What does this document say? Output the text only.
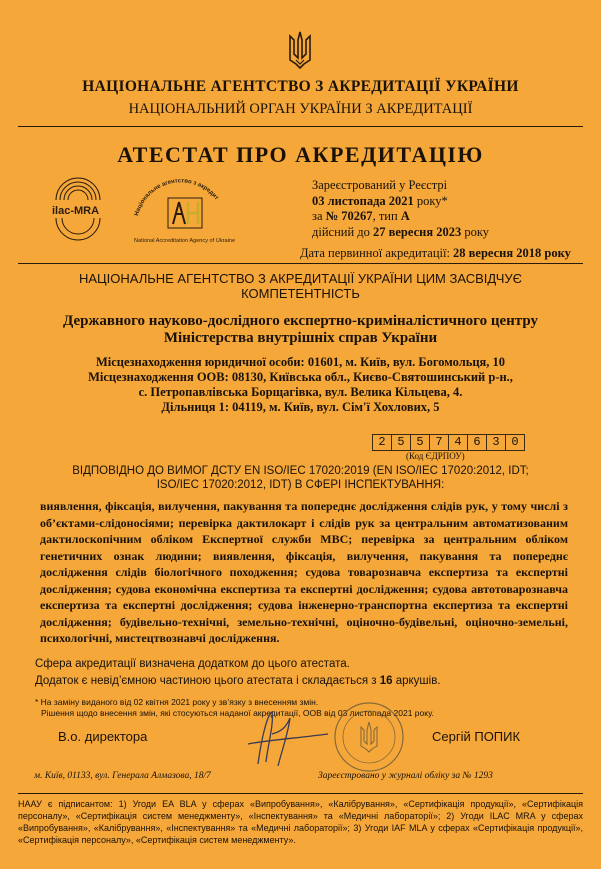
НАЦІОНАЛЬНЕ АГЕНТСТВО З АКРЕДИТАЦІЇ УКРАЇНИ
НАЦІОНАЛЬНИЙ ОРГАН УКРАЇНИ З АКРЕДИТАЦІЇ
АТЕСТАТ ПРО АКРЕДИТАЦІЮ
ilac-MRA	Національне агентство з акредит
National Accreditation Agency of Ukraine
Зареєстрований у Реєстрі
03 листопада 2021 року*
за № 70267, тип А
дійсний до 27 вересня 2023 року
Дата первинної акредитації: 28 вересня 2018 року
НАЦІОНАЛЬНЕ АГЕНТСТВО З АКРЕДИТАЦІЇ УКРАЇНИ ЦИМ ЗАСВІДЧУЄ КОМПЕТЕНТНІСТЬ
Державного науково-дослідного експертно-криміналістичного центру
Міністерства внутрішніх справ України
Місцезнаходження юридичної особи: 01601, м. Київ, вул. Богомольця, 10
Місцезнаходження ООВ: 08130, Київська обл., Києво-Святошинський р-н.,
с. Петропавлівська Борщагівка, вул. Велика Кільцева, 4.
Дільниця 1: 04119, м. Київ, вул. Сім'ї Хохлових, 5
2 5 5 7 4 6 3 0
(Код ЄДРПОУ)
ВІДПОВІДНО ДО ВИМОГ ДСТУ EN ISO/IEC 17020:2019 (EN ISO/IEC 17020:2012, IDT;
ISO/IEC 17020:2012, IDT) В СФЕРІ ІНСПЕКТУВАННЯ:
виявлення, фіксація, вилучення, пакування та попереднє дослідження слідів рук, у тому числі з об’єктами-слідоносіями; перевірка дактилокарт і слідів рук за центральним автоматизованим дактилоскопічним обліком Експертної служби МВС; перевірка за центральним обліком генетичних ознак людини; виявлення, фіксація, вилучення, пакування та попереднє дослідження слідів біологічного походження; судова товарознавча експертиза та експертні дослідження; судова економічна експертиза та експертні дослідження; судова автотоварознавча експертиза та експертні дослідження; судова інженерно-транспортна експертиза та експертні дослідження; будівельно-технічні, земельно-технічні, оціночно-будівельні, оціночно-земельні, психологічні, мистецтвознавчі дослідження.
Сфера акредитації визначена додатком до цього атестата.
Додаток є невід’ємною частиною цього атестата і складається з 16 аркушів.
* На заміну виданого від 02 квітня 2021 року у зв’язку з внесенням змін.
Рішення щодо внесення змін, які стосуються наданої акредитації, ООВ від 03 листопада 2021 року.
В.о. директора	Сергій ПОПИК
м. Київ, 01133, вул. Генерала Алмазова, 18/7	Зареєстровано у журналі обліку за № 1293
НААУ є підписантом: 1) Угоди EA BLA у сферах «Випробування», «Калібрування», «Сертифікація продукції», «Сертифікація персоналу», «Сертифікація систем менеджменту», «Інспектування» та «Медичні лабораторії»; 2) Угоди ILAC MRA у сферах «Випробування», «Калібрування», «Інспектування» та «Медичні лабораторії»; 3) Угоди IAF MLA у сферах «Сертифікація продукції», «Сертифікація персоналу», «Сертифікація систем менеджменту».
